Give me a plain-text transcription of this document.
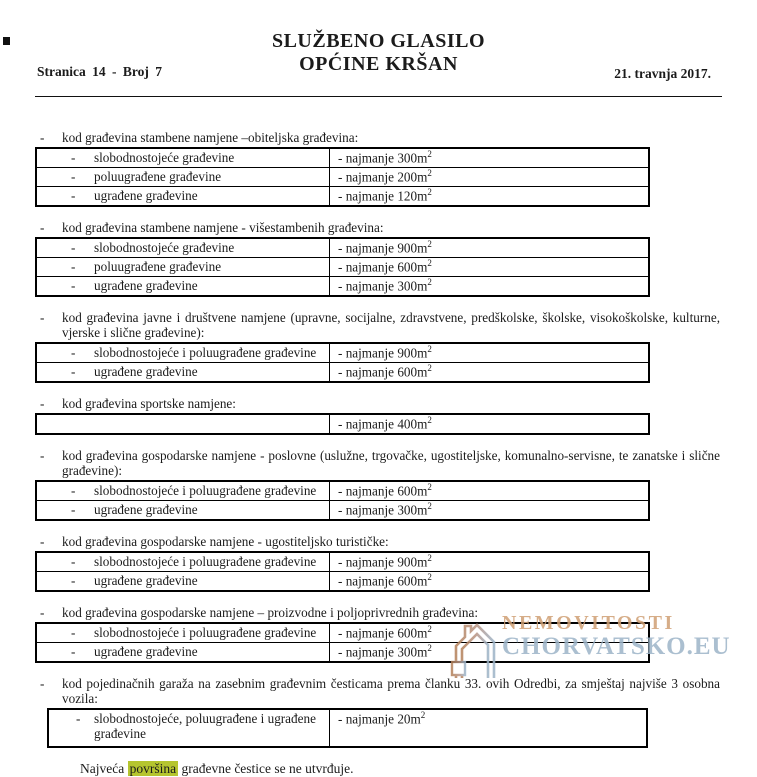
SLUŽBENO GLASILO
OPĆINE KRŠAN
Stranica 14 - Broj 7	21. travnja 2017.
-	kod građevina stambene namjene –obiteljska građevina:
- slobodnostojeće građevine	- najmanje $300m^2$

- poluugrađene građevine	- najmanje $200m^2$

- ugrađene građevine	- najmanje $120m^2$
-	kod građevina stambene namjene - višestambenih građevina:
- slobodnostojeće građevine	- najmanje $900m^2$

- poluugrađene građevine	- najmanje $600m^2$

- ugrađene građevine	- najmanje $300m^2$
-	kod građevina javne i društvene namjene (upravne, socijalne, zdravstvene, predškolske, školske, visokoškolske, kulturne, vjerske i slične građevine):
- slobodnostojeće i poluugrađene građevine	- najmanje $900m^2$

- ugrađene građevine	- najmanje $600m^2$
-	kod građevina sportske namjene:
	- najmanje $400m^2$
-	kod građevina gospodarske namjene - poslovne (uslužne, trgovačke, ugostiteljske, komunalno-servisne, te zanatske i slične građevine):
- slobodnostojeće i poluugrađene građevine	- najmanje $600m^2$

- ugrađene građevine	- najmanje $300m^2$
-	kod građevina gospodarske namjene - ugostiteljsko turističke:
- slobodnostojeće i poluugrađene građevine	- najmanje $900m^2$

- ugrađene građevine	- najmanje $600m^2$
-	kod građevina gospodarske namjene – proizvodne i poljoprivrednih građevina:
- slobodnostojeće i poluugrađene građevine	- najmanje $600m^2$

- ugrađene građevine	- najmanje $300m^2$
-	kod pojedinačnih garaža na zasebnim građevnim česticama prema članku 33. ovih Odredbi, za smještaj najviše 3 osobna vozila:
-	slobodnostojeće, poluugrađene i ugrađene građevine
	- najmanje $20m^2$
Najveća površina građevne čestice se ne utvrđuje.
NEMOVITOSTI
CHORVATSKO.EU
